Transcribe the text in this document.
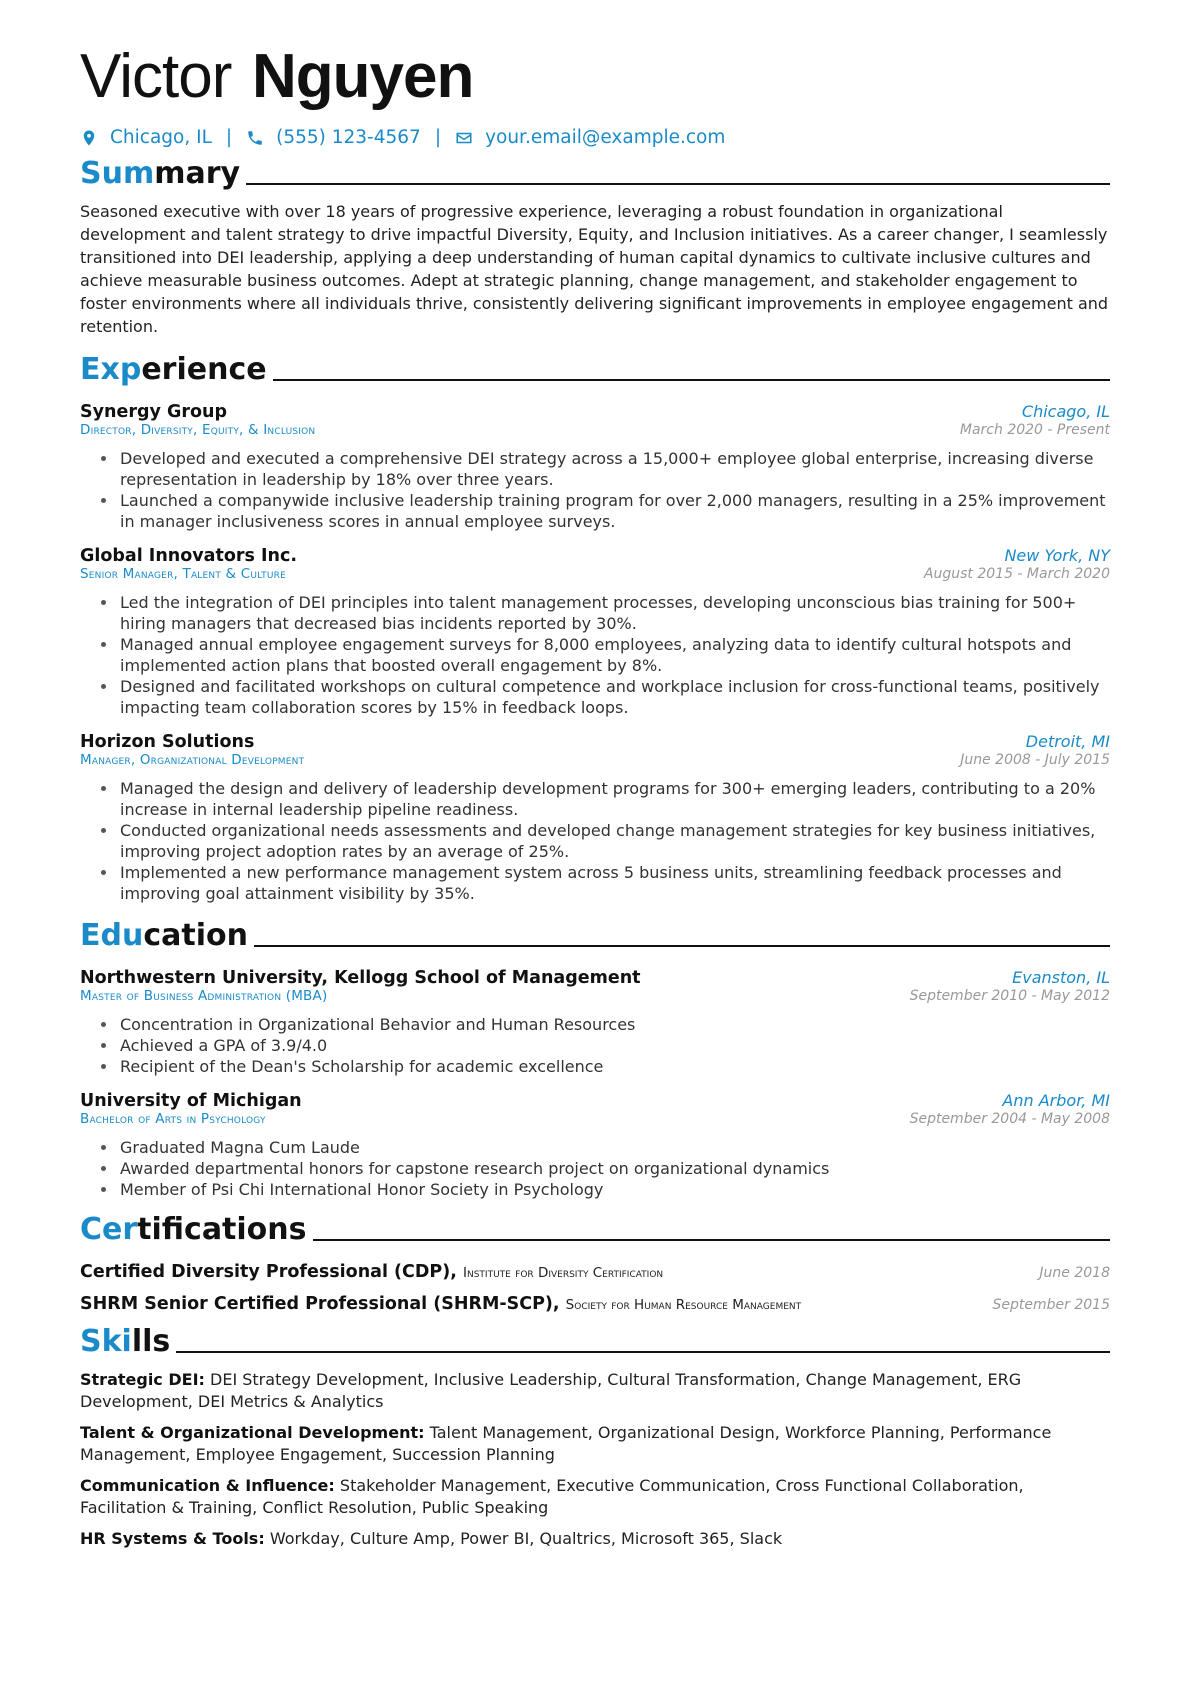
Victor Nguyen
Chicago, IL | (555) 123-4567 | your.email@example.com
Summary

Seasoned executive with over 18 years of progressive experience, leveraging a robust foundation in organizational development and talent strategy to drive impactful Diversity, Equity, and Inclusion initiatives. As a career changer, I seamlessly transitioned into DEI leadership, applying a deep understanding of human capital dynamics to cultivate inclusive cultures and achieve measurable business outcomes. Adept at strategic planning, change management, and stakeholder engagement to foster environments where all individuals thrive, consistently delivering significant improvements in employee engagement and retention.

Experience
Synergy Group	Chicago, IL
Director, Diversity, Equity, & Inclusion	March 2020 - Present
• Developed and executed a comprehensive DEI strategy across a 15,000+ employee global enterprise, increasing diverse representation in leadership by 18% over three years.
• Launched a companywide inclusive leadership training program for over 2,000 managers, resulting in a 25% improvement in manager inclusiveness scores in annual employee surveys.
Global Innovators Inc.	New York, NY
Senior Manager, Talent & Culture	August 2015 - March 2020
• Led the integration of DEI principles into talent management processes, developing unconscious bias training for 500+ hiring managers that decreased bias incidents reported by 30%.
• Managed annual employee engagement surveys for 8,000 employees, analyzing data to identify cultural hotspots and implemented action plans that boosted overall engagement by 8%.
• Designed and facilitated workshops on cultural competence and workplace inclusion for cross-functional teams, positively impacting team collaboration scores by 15% in feedback loops.
Horizon Solutions	Detroit, MI
Manager, Organizational Development	June 2008 - July 2015
• Managed the design and delivery of leadership development programs for 300+ emerging leaders, contributing to a 20% increase in internal leadership pipeline readiness.
• Conducted organizational needs assessments and developed change management strategies for key business initiatives, improving project adoption rates by an average of 25%.
• Implemented a new performance management system across 5 business units, streamlining feedback processes and improving goal attainment visibility by 35%.
Education
Northwestern University, Kellogg School of Management	Evanston, IL
Master of Business Administration (MBA)	September 2010 - May 2012
• Concentration in Organizational Behavior and Human Resources
• Achieved a GPA of 3.9/4.0
• Recipient of the Dean's Scholarship for academic excellence
University of Michigan	Ann Arbor, MI
Bachelor of Arts in Psychology	September 2004 - May 2008
• Graduated Magna Cum Laude
• Awarded departmental honors for capstone research project on organizational dynamics
• Member of Psi Chi International Honor Society in Psychology
Certifications
Certified Diversity Professional (CDP), Institute for Diversity Certification	June 2018
SHRM Senior Certified Professional (SHRM-SCP), Society for Human Resource Management	September 2015
Skills
Strategic DEI: DEI Strategy Development, Inclusive Leadership, Cultural Transformation, Change Management, ERG Development, DEI Metrics & Analytics
Talent & Organizational Development: Talent Management, Organizational Design, Workforce Planning, Performance Management, Employee Engagement, Succession Planning
Communication & Influence: Stakeholder Management, Executive Communication, Cross Functional Collaboration, Facilitation & Training, Conflict Resolution, Public Speaking
HR Systems & Tools: Workday, Culture Amp, Power BI, Qualtrics, Microsoft 365, Slack
